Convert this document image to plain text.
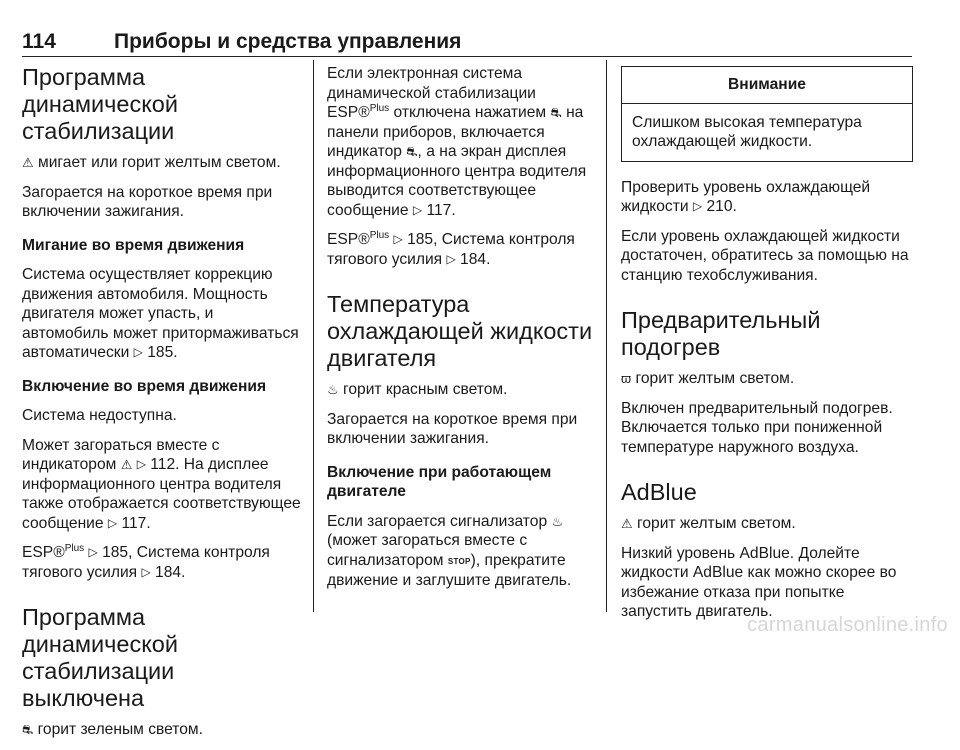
114	Приборы и средства управления
Программа динамической стабилизации

⚠ мигает или горит желтым светом.

Загорается на короткое время при включении зажигания.

Мигание во время движения

Система осуществляет коррекцию движения автомобиля. Мощность двигателя может упасть, и автомобиль может притормаживаться автоматически ▷ 185.

Включение во время движения

Система недоступна.

Может загораться вместе с индикатором ⚠ ▷ 112. На дисплее информационного центра водителя также отображается соответствующее сообщение ▷ 117.

ESP®$^{Plus}$ ▷ 185, Система контроля тягового усилия ▷ 184.

Программа динамической стабилизации выключена

⛐ горит зеленым светом.

Если электронная система динамической стабилизации ESP®$^{Plus}$ отключена нажатием ⛐ на панели приборов, включается индикатор ⛐, а на экран дисплея информационного центра водителя выводится соответствующее сообщение ▷ 117.

ESP®$^{Plus}$ ▷ 185, Система контроля тягового усилия ▷ 184.

Температура охлаждающей жидкости двигателя

♨ горит красным светом.

Загорается на короткое время при включении зажигания.

Включение при работающем двигателе

Если загорается сигнализатор ♨ (может загораться вместе с сигнализатором STOP), прекратите движение и заглушите двигатель.

Внимание
Слишком высокая температура охлаждающей жидкости.

Проверить уровень охлаждающей жидкости ▷ 210.

Если уровень охлаждающей жидкости достаточен, обратитесь за помощью на станцию техобслуживания.

Предварительный подогрев

ϖ горит желтым светом.

Включен предварительный подогрев. Включается только при пониженной температуре наружного воздуха.

AdBlue

⚠ горит желтым светом.

Низкий уровень AdBlue. Долейте жидкости AdBlue как можно скорее во избежание отказа при попытке запустить двигатель.

carmanualsonline.info
